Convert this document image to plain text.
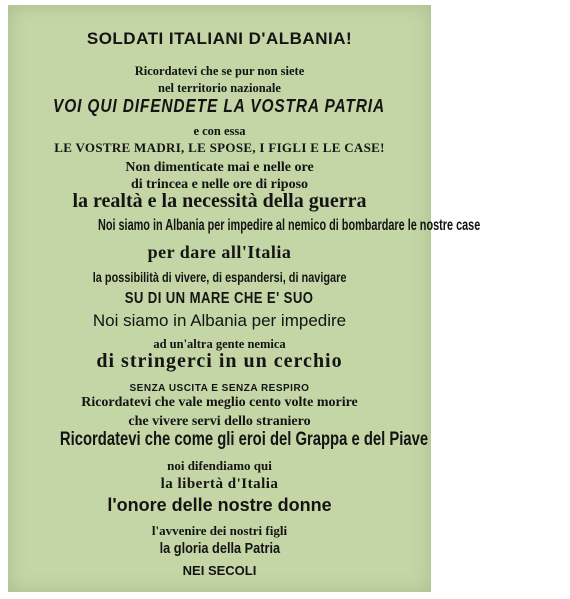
SOLDATI ITALIANI D'ALBANIA!
Ricordatevi che se pur non siete
nel territorio nazionale
VOI QUI DIFENDETE LA VOSTRA PATRIA
e con essa
LE VOSTRE MADRI, LE SPOSE, I FIGLI E LE CASE!
Non dimenticate mai e nelle ore
di trincea e nelle ore di riposo
la realtà e la necessità della guerra
Noi siamo in Albania per impedire al nemico di bombardare le nostre case
per dare all'Italia
la possibilità di vivere, di espandersi, di navigare
SU DI UN MARE CHE E' SUO
Noi siamo in Albania per impedire
ad un'altra gente nemica
di stringerci in un cerchio
SENZA USCITA E SENZA RESPIRO
Ricordatevi che vale meglio cento volte morire
che vivere servi dello straniero
Ricordatevi che come gli eroi del Grappa e del Piave
noi difendiamo qui
la libertà d'Italia
l'onore delle nostre donne
l'avvenire dei nostri figli
la gloria della Patria
NEI SECOLI
